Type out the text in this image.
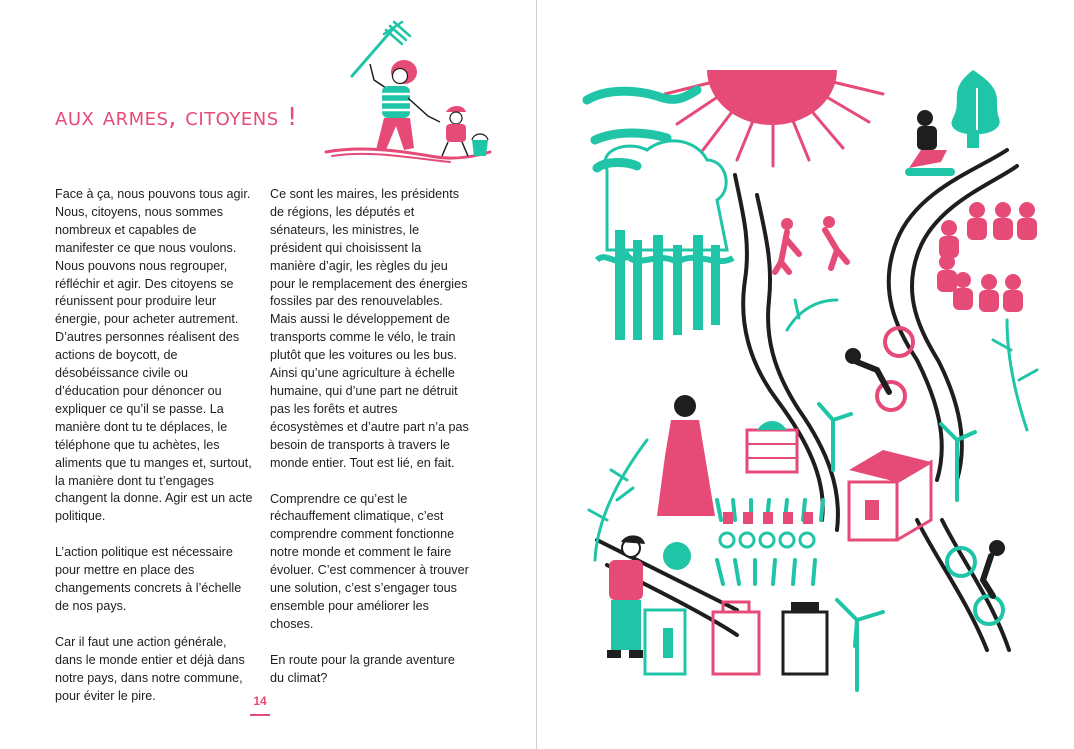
aux armes, citoyens !

Face à ça, nous pouvons tous agir. Nous, citoyens, nous sommes nombreux et capables de manifester ce que nous voulons. Nous pouvons nous regrouper, réfléchir et agir. Des citoyens se réunissent pour produire leur énergie, pour acheter autrement. D’autres personnes réalisent des actions de boycott, de désobéissance civile ou d’éducation pour dénoncer ou expliquer ce qu’il se passe. La manière dont tu te déplaces, le téléphone que tu achètes, les aliments que tu manges et, surtout, la manière dont tu t’engages changent la donne. Agir est un acte politique.

L’action politique est nécessaire pour mettre en place des changements concrets à l’échelle de nos pays.

Car il faut une action générale, dans le monde entier et déjà dans notre pays, dans notre commune, pour éviter le pire.

Ce sont les maires, les présidents de régions, les députés et sénateurs, les ministres, le président qui choisissent la manière d’agir, les règles du jeu pour le remplacement des énergies fossiles par des renouvelables. Mais aussi le développement de transports comme le vélo, le train plutôt que les voitures ou les bus. Ainsi qu’une agriculture à échelle humaine, qui d’une part ne détruit pas les forêts et autres écosystèmes et d’autre part n’a pas besoin de transports à travers le monde entier. Tout est lié, en fait.

Comprendre ce qu’est le réchauffement climatique, c’est comprendre comment fonctionne notre monde et comment le faire évoluer. C’est commencer à trouver une solution, c’est s’engager tous ensemble pour améliorer les choses.

En route pour la grande aventure du climat?

14
